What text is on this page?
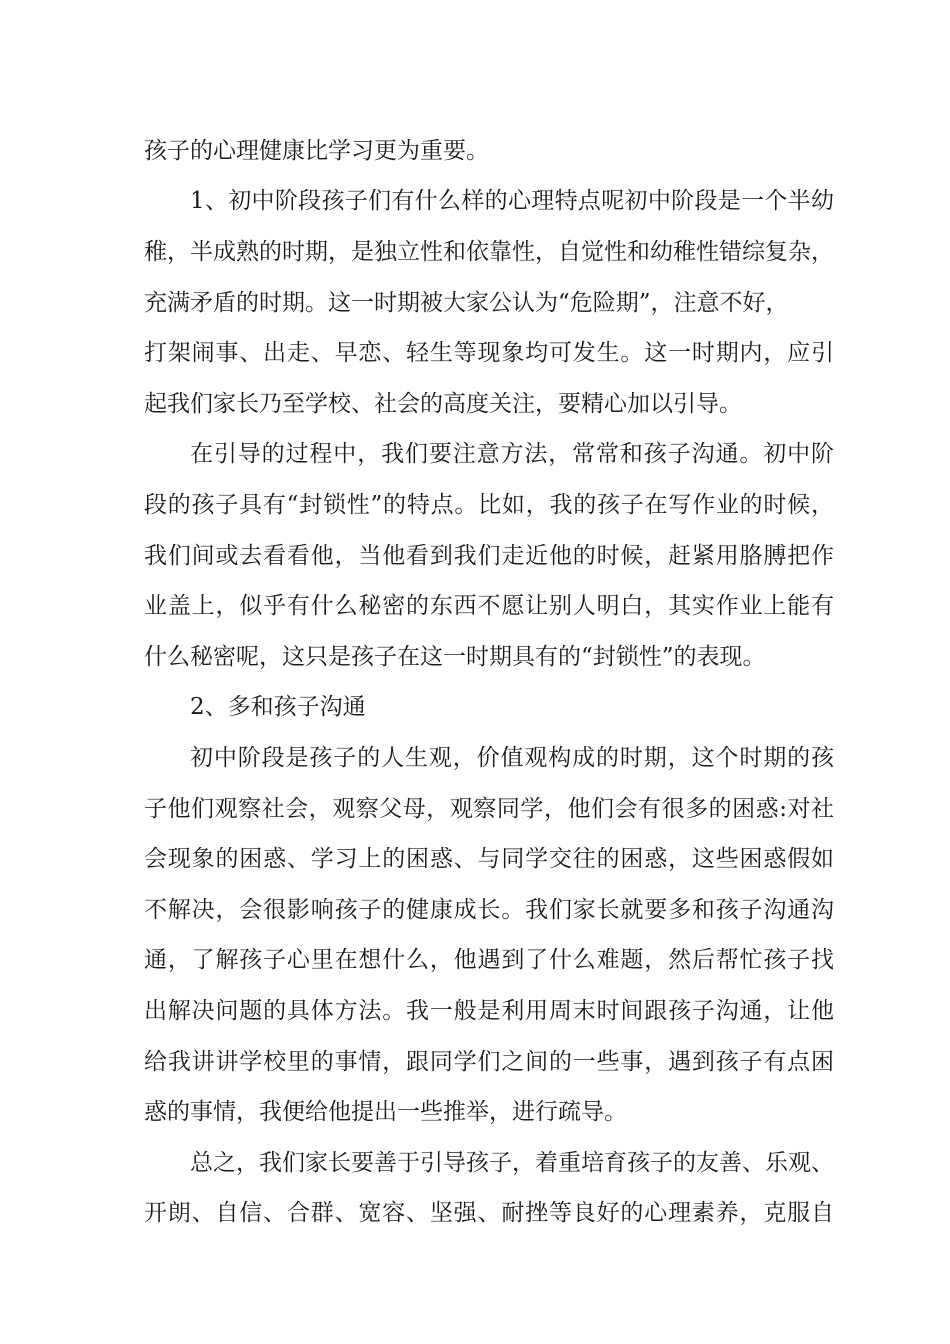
孩子的心理健康比学习更为重要。
1、初中阶段孩子们有什么样的心理特点呢初中阶段是一个半幼
稚，半成熟的时期，是独立性和依靠性，自觉性和幼稚性错综复杂，
充满矛盾的时期。这一时期被大家公认为“危险期”，注意不好，
打架闹事、出走、早恋、轻生等现象均可发生。这一时期内，应引
起我们家长乃至学校、社会的高度关注，要精心加以引导。
在引导的过程中，我们要注意方法，常常和孩子沟通。初中阶
段的孩子具有“封锁性”的特点。比如，我的孩子在写作业的时候，
我们间或去看看他，当他看到我们走近他的时候，赶紧用胳膊把作
业盖上，似乎有什么秘密的东西不愿让别人明白，其实作业上能有
什么秘密呢，这只是孩子在这一时期具有的“封锁性”的表现。
2、多和孩子沟通
初中阶段是孩子的人生观，价值观构成的时期，这个时期的孩
子他们观察社会，观察父母，观察同学，他们会有很多的困惑:对社
会现象的困惑、学习上的困惑、与同学交往的困惑，这些困惑假如
不解决，会很影响孩子的健康成长。我们家长就要多和孩子沟通沟
通，了解孩子心里在想什么，他遇到了什么难题，然后帮忙孩子找
出解决问题的具体方法。我一般是利用周末时间跟孩子沟通，让他
给我讲讲学校里的事情，跟同学们之间的一些事，遇到孩子有点困
惑的事情，我便给他提出一些推举，进行疏导。
总之，我们家长要善于引导孩子，着重培育孩子的友善、乐观、
开朗、自信、合群、宽容、坚强、耐挫等良好的心理素养，克服自
